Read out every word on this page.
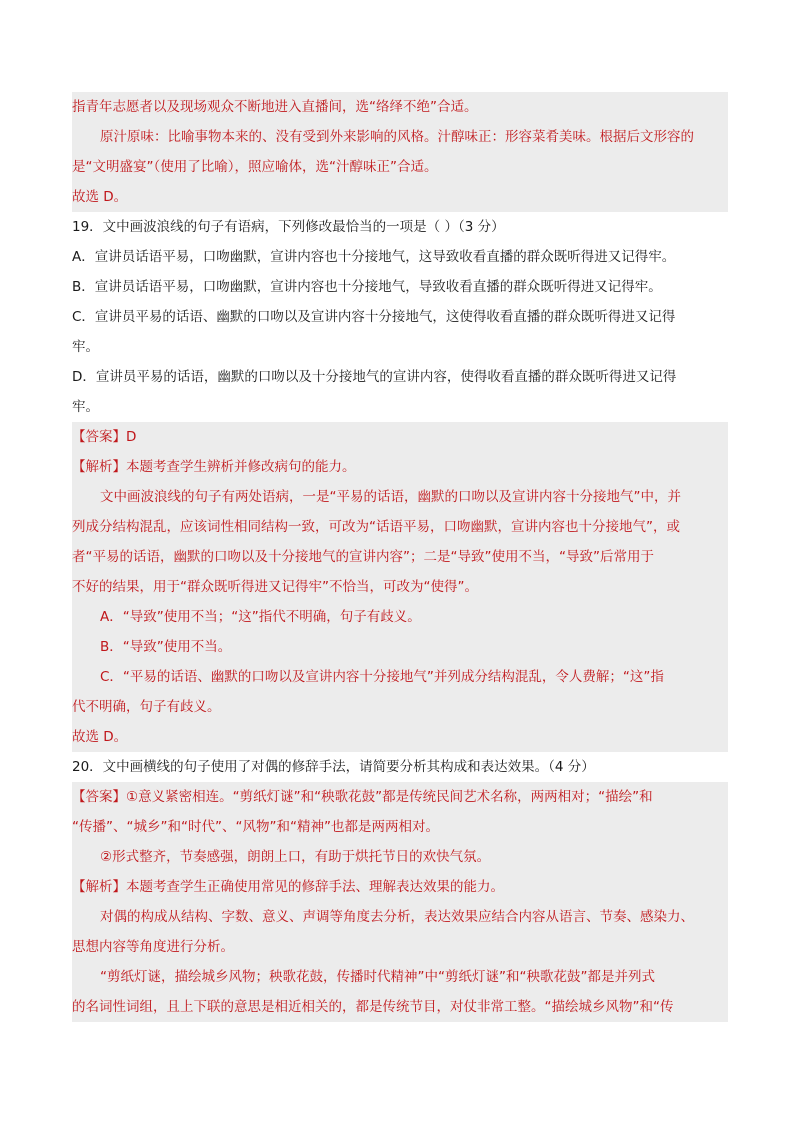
指青年志愿者以及现场观众不断地进入直播间，选“络绎不绝”合适。
原汁原味：比喻事物本来的、没有受到外来影响的风格。汁醇味正：形容菜肴美味。根据后文形容的
是“文明盛宴”（使用了比喻），照应喻体，选“汁醇味正”合适。
故选 D。
19．文中画波浪线的句子有语病，下列修改最恰当的一项是（ ）（3 分）
A．宣讲员话语平易，口吻幽默，宣讲内容也十分接地气，这导致收看直播的群众既听得进又记得牢。
B．宣讲员话语平易，口吻幽默，宣讲内容也十分接地气，导致收看直播的群众既听得进又记得牢。
C．宣讲员平易的话语、幽默的口吻以及宣讲内容十分接地气，这使得收看直播的群众既听得进又记得
牢。
D．宣讲员平易的话语，幽默的口吻以及十分接地气的宣讲内容，使得收看直播的群众既听得进又记得
牢。
【答案】D
【解析】本题考查学生辨析并修改病句的能力。
文中画波浪线的句子有两处语病，一是“平易的话语，幽默的口吻以及宣讲内容十分接地气”中，并
列成分结构混乱，应该词性相同结构一致，可改为“话语平易，口吻幽默，宣讲内容也十分接地气”，或
者“平易的话语，幽默的口吻以及十分接地气的宣讲内容”；二是“导致”使用不当，“导致”后常用于
不好的结果，用于“群众既听得进又记得牢”不恰当，可改为“使得”。
A．“导致”使用不当；“这”指代不明确，句子有歧义。
B．“导致”使用不当。
C．“平易的话语、幽默的口吻以及宣讲内容十分接地气”并列成分结构混乱，令人费解；“这”指
代不明确，句子有歧义。
故选 D。
20．文中画横线的句子使用了对偶的修辞手法，请简要分析其构成和表达效果。（4 分）
【答案】①意义紧密相连。“剪纸灯谜”和“秧歌花鼓”都是传统民间艺术名称，两两相对；“描绘”和
“传播”、“城乡”和“时代”、“风物”和“精神”也都是两两相对。
②形式整齐，节奏感强，朗朗上口，有助于烘托节日的欢快气氛。
【解析】本题考查学生正确使用常见的修辞手法、理解表达效果的能力。
对偶的构成从结构、字数、意义、声调等角度去分析，表达效果应结合内容从语言、节奏、感染力、
思想内容等角度进行分析。
“剪纸灯谜，描绘城乡风物；秧歌花鼓，传播时代精神”中“剪纸灯谜”和“秧歌花鼓”都是并列式
的名词性词组，且上下联的意思是相近相关的，都是传统节目，对仗非常工整。“描绘城乡风物”和“传
